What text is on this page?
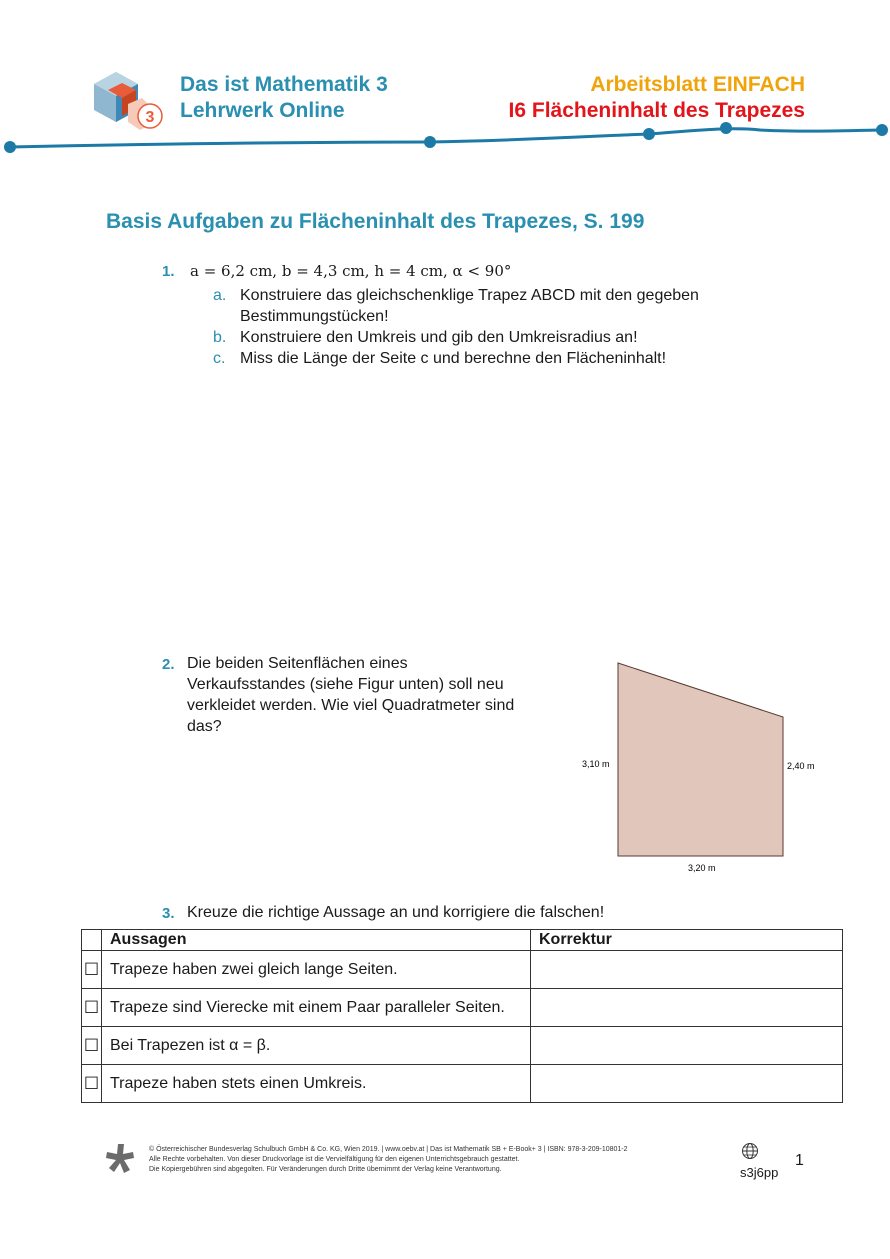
3
Das ist Mathematik 3
Lehrwerk Online
Arbeitsblatt EINFACH
I6 Flächeninhalt des Trapezes
Basis Aufgaben zu Flächeninhalt des Trapezes, S. 199
1. a = 6,2 cm, b = 4,3 cm, h = 4 cm, α < 90°
a. Konstruiere das gleichschenklige Trapez ABCD mit den gegeben
Bestimmungstücken!
b. Konstruiere den Umkreis und gib den Umkreisradius an!
c. Miss die Länge der Seite c und berechne den Flächeninhalt!
2. Die beiden Seitenflächen eines
Verkaufsstandes (siehe Figur unten) soll neu
verkleidet werden. Wie viel Quadratmeter sind
das?
3,10 m	2,40 m
3,20 m
3. Kreuze die richtige Aussage an und korrigiere die falschen!
	Aussagen	Korrektur
☐	Trapeze haben zwei gleich lange Seiten.	
☐	Trapeze sind Vierecke mit einem Paar paralleler Seiten.	
☐	Bei Trapezen ist α = β.	
☐	Trapeze haben stets einen Umkreis.	
© Österreichischer Bundesverlag Schulbuch GmbH & Co. KG, Wien 2019. | www.oebv.at | Das ist Mathematik SB + E-Book+ 3 | ISBN: 978-3-209-10801-2
Alle Rechte vorbehalten. Von dieser Druckvorlage ist die Vervielfältigung für den eigenen Unterrichtsgebrauch gestattet.
Die Kopiergebühren sind abgegolten. Für Veränderungen durch Dritte übernimmt der Verlag keine Verantwortung.	s3j6pp
1
